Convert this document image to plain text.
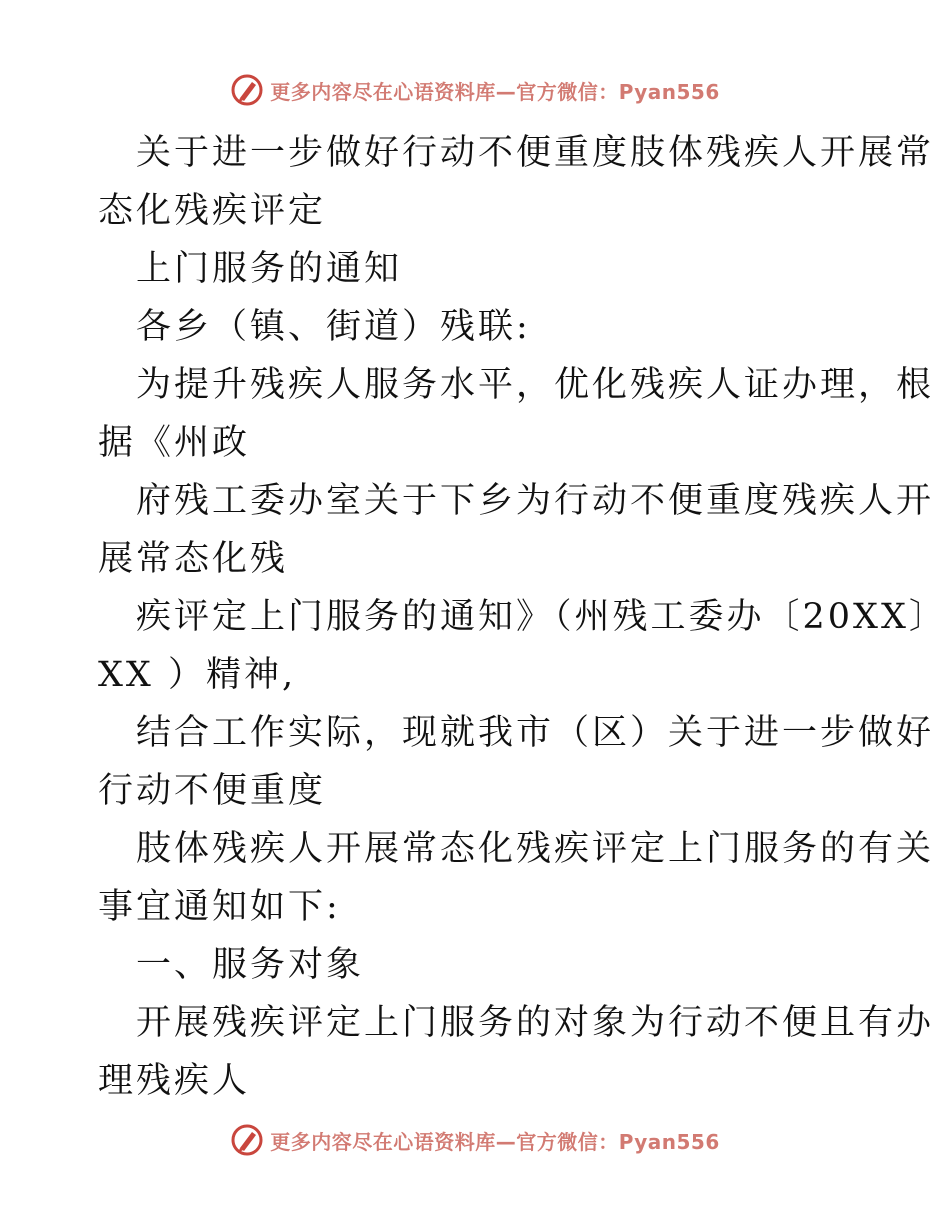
更多内容尽在心语资料库—官方微信：Pyan556

关于进一步做好行动不便重度肢体残疾人开展常

态化残疾评定

上门服务的通知

各乡（镇、街道）残联:

为提升残疾人服务水平，优化残疾人证办理，根

据《州政

府残工委办室关于下乡为行动不便重度残疾人开

展常态化残

疾评定上门服务的通知》（州残工委办〔20XX〕

XX ）精神,

结合工作实际，现就我市（区）关于进一步做好

行动不便重度

肢体残疾人开展常态化残疾评定上门服务的有关

事宜通知如下:

一、服务对象

开展残疾评定上门服务的对象为行动不便且有办

理残疾人

更多内容尽在心语资料库—官方微信：Pyan556
